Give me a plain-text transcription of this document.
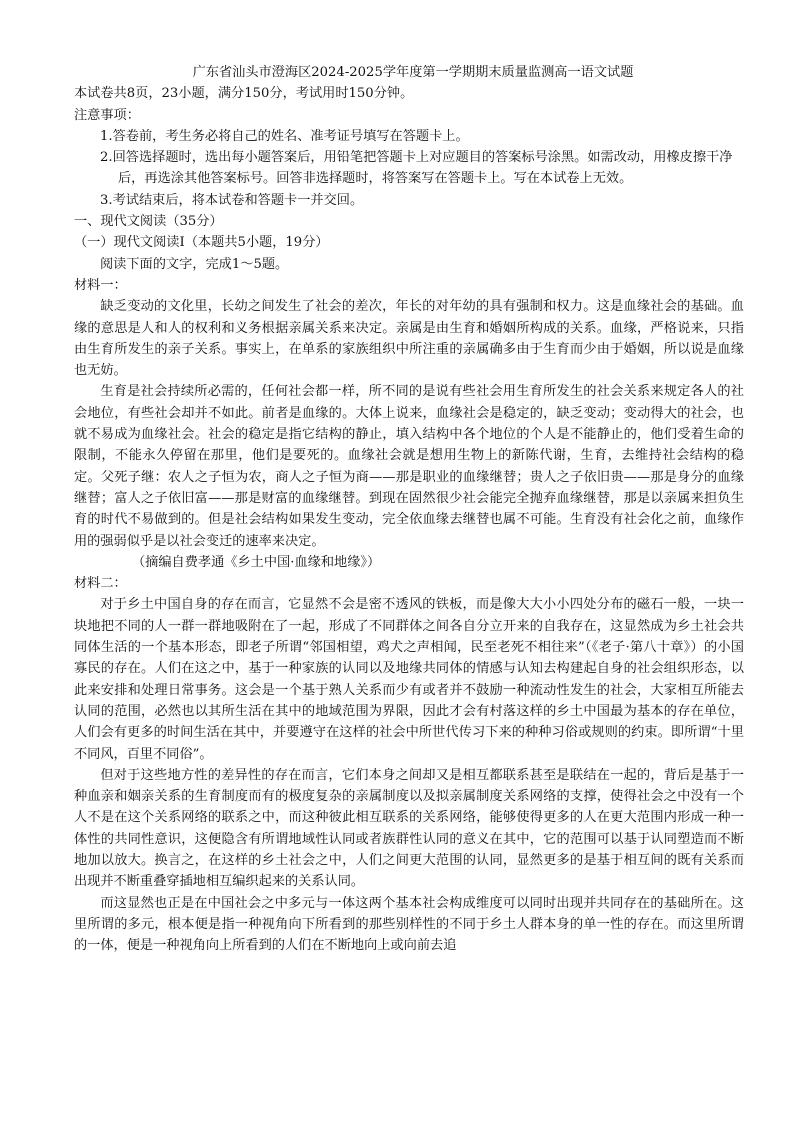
广东省汕头市澄海区2024-2025学年度第一学期期末质量监测高一语文试题

本试卷共8页，23小题，满分150分，考试用时150分钟。

注意事项：

1.答卷前，考生务必将自己的姓名、准考证号填写在答题卡上。

2.回答选择题时，选出每小题答案后，用铅笔把答题卡上对应题目的答案标号涂黑。如需改动，用橡皮擦干净后，再选涂其他答案标号。回答非选择题时，将答案写在答题卡上。写在本试卷上无效。

3.考试结束后，将本试卷和答题卡一并交回。

一、现代文阅读（35分）

（一）现代文阅读Ⅰ（本题共5小题，19分）

阅读下面的文字，完成1～5题。

材料一：

缺乏变动的文化里，长幼之间发生了社会的差次，年长的对年幼的具有强制和权力。这是血缘社会的基础。血缘的意思是人和人的权利和义务根据亲属关系来决定。亲属是由生育和婚姻所构成的关系。血缘，严格说来，只指由生育所发生的亲子关系。事实上，在单系的家族组织中所注重的亲属确多由于生育而少由于婚姻，所以说是血缘也无妨。

生育是社会持续所必需的，任何社会都一样，所不同的是说有些社会用生育所发生的社会关系来规定各人的社会地位，有些社会却并不如此。前者是血缘的。大体上说来，血缘社会是稳定的，缺乏变动；变动得大的社会，也就不易成为血缘社会。社会的稳定是指它结构的静止，填入结构中各个地位的个人是不能静止的，他们受着生命的限制，不能永久停留在那里，他们是要死的。血缘社会就是想用生物上的新陈代谢，生育，去维持社会结构的稳定。父死子继：农人之子恒为农，商人之子恒为商——那是职业的血缘继替；贵人之子依旧贵——那是身分的血缘继替；富人之子依旧富——那是财富的血缘继替。到现在固然很少社会能完全抛弃血缘继替，那是以亲属来担负生育的时代不易做到的。但是社会结构如果发生变动，完全依血缘去继替也属不可能。生育没有社会化之前，血缘作用的强弱似乎是以社会变迁的速率来决定。

（摘编自费孝通《乡土中国·血缘和地缘》）

材料二：

对于乡土中国自身的存在而言，它显然不会是密不透风的铁板，而是像大大小小四处分布的磁石一般，一块一块地把不同的人一群一群地吸附在了一起，形成了不同群体之间各自分立开来的自我存在，这显然成为乡土社会共同体生活的一个基本形态，即老子所谓“邻国相望，鸡犬之声相闻，民至老死不相往来”（《老子·第八十章》）的小国寡民的存在。人们在这之中，基于一种家族的认同以及地缘共同体的情感与认知去构建起自身的社会组织形态，以此来安排和处理日常事务。这会是一个基于熟人关系而少有或者并不鼓励一种流动性发生的社会，大家相互所能去认同的范围，必然也以其所生活在其中的地域范围为界限，因此才会有村落这样的乡土中国最为基本的存在单位，人们会有更多的时间生活在其中，并要遵守在这样的社会中所世代传习下来的种种习俗或规则的约束。即所谓“十里不同风，百里不同俗”。

但对于这些地方性的差异性的存在而言，它们本身之间却又是相互都联系甚至是联结在一起的，背后是基于一种血亲和姻亲关系的生育制度而有的极度复杂的亲属制度以及拟亲属制度关系网络的支撑，使得社会之中没有一个人不是在这个关系网络的联系之中，而这种彼此相互联系的关系网络，能够使得更多的人在更大范围内形成一种一体性的共同性意识，这便隐含有所谓地域性认同或者族群性认同的意义在其中，它的范围可以基于认同塑造而不断地加以放大。换言之，在这样的乡土社会之中，人们之间更大范围的认同，显然更多的是基于相互间的既有关系而出现并不断重叠穿插地相互编织起来的关系认同。

而这显然也正是在中国社会之中多元与一体这两个基本社会构成维度可以同时出现并共同存在的基础所在。这里所谓的多元，根本便是指一种视角向下所看到的那些别样性的不同于乡土人群本身的单一性的存在。而这里所谓的一体，便是一种视角向上所看到的人们在不断地向上或向前去追
